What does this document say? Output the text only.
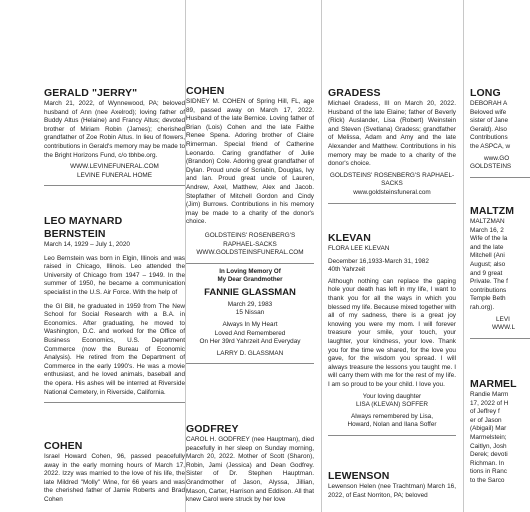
GERALD "JERRY"

March 21, 2022, of Wynnewood, PA; beloved husband of Ann (nee Axelrod); loving father of Buddy Altus (Helaine) and Francy Altus; devoted brother of Miriam Robin (James); cherished grandfather of Zoe Robin Altus. In lieu of flowers, contributions in Gerald's memory may be made to the Bright Horizons Fund, c/o tbhbe.org.

WWW.LEVINEFUNERAL.COM
LEVINE FUNERAL HOME
LEO MAYNARD BERNSTEIN
March 14, 1929 – July 1, 2020

Leo Bernstein was born in Elgin, Illinois and was raised in Chicago, Illinois. Leo attended the University of Chicago from 1947 – 1949. In the summer of 1950, he became a communication specialist in the U.S. Air Force. With the help of

the GI Bill, he graduated in 1959 from The New School for Social Research with a B.A. in Economics. After graduating, he moved to Washington, D.C. and worked for the Office of Business Economics, U.S. Department Commerce (now the Bureau of Economic Analysis). He retired from the Department of Commerce in the early 1990's. He was a movie enthusiast, and he loved animals, baseball and the opera. His ashes will be interred at Riverside National Cemetery, in Riverside, California.

COHEN

Israel Howard Cohen, 96, passed peacefully away in the early morning hours of March 17, 2022. Izzy was married to the love of his life, the late Mildred "Molly" Wine, for 66 years and was the cherished father of Jamie Roberts and Brad Cohen

COHEN

SIDNEY M. COHEN of Spring Hill, FL, age 89, passed away on March 17, 2022. Husband of the late Bernice. Loving father of Brian (Lois) Cohen and the late Faithe Renee Spena. Adoring brother of Claire Rimerman. Special friend of Catherine Leonardo. Caring grandfather of Julie (Brandon) Cole. Adoring great grandfather of Dylan. Proud uncle of Scriabin, Douglas, Ivy and Ian. Proud great uncle of Lauren, Andrew, Axel, Matthew, Alex and Jacob. Stepfather of Mitchell Gordon and Cindy (Jim) Burrows. Contributions in his memory may be made to a charity of the donor's choice.

GOLDSTEINS' ROSENBERG'S
RAPHAEL-SACKS
WWW.GOLDSTEINSFUNERAL.COM
In Loving Memory Of
My Dear Grandmother
FANNIE GLASSMAN
March 29, 1983
15 Nissan
Always In My Heart
Loved And Remembered
On Her 39rd Yahrzeit And Everyday
LARRY D. GLASSMAN
GODFREY

CAROL H. GODFREY (nee Hauptman), died peacefully in her sleep on Sunday morning, March 20, 2022. Mother of Scott (Sharon), Robin, Jami (Jessica) and Dean Godfrey. Sister of Dr. Stephen Hauptman. Grandmother of Jason, Alyssa, Jillian, Mason, Carter, Harrison and Eddison. All that knew Carol were struck by her love

GRADESS

Michael Gradess, III on March 20, 2022. Husband of the late Elaine; father of Beverly (Rick) Auslander, Lisa (Robert) Weinstein and Steven (Svetlana) Gradess; grandfather of Melissa, Adam and Amy and the late Alexander and Matthew. Contributions in his memory may be made to a charity of the donor's choice.

GOLDSTEINS' ROSENBERG'S RAPHAEL-
SACKS
www.goldsteinsfuneral.com
KLEVAN
FLORA LEE KLEVAN
December 16,1933-March 31, 1982
40th Yahrzeit

Although nothing can replace the gaping hole your death has left in my life, I want to thank you for all the ways in which you blessed my life. Because mixed together with all of my sadness, there is a great joy knowing you were my mom. I will forever treasure your smile, your touch, your laughter, your kindness, your love. Thank you for the time we shared, for the love you gave, for the wisdom you spread. I will always treasure the lessons you taught me. I will carry them with me for the rest of my life. I am so proud to be your child. I love you.

Your loving daughter
LISA (KLEVAN) SOFFER
Always remembered by Lisa,
Howard, Nolan and Ilana Soffer
LEWENSON

Lewenson Helen (nee Trachtman) March 16, 2022, of East Norriton, PA; beloved

LONG
DEBORAH A
Beloved wife
sister of Jane
Gerald). Also
Contributions
the ASPCA, w
www.GO
GOLDSTEINS
MALTZM
MALTZMAN
March 16, 2
Wife of the la
and the late
Mitchell (Ani
August; also
and 9 great
Private. The f
contributions
Temple Beth
rah.org).
LEVI
WWW.L
MARMEL
Randie Marm
17, 2022 of H
of Jeffrey f
er of Jason
(Abigail) Mar
Marmelstein;
Caitlyn, Josh
Derek; devoti
Richman. In
tions in Ranc
to the Sarco
